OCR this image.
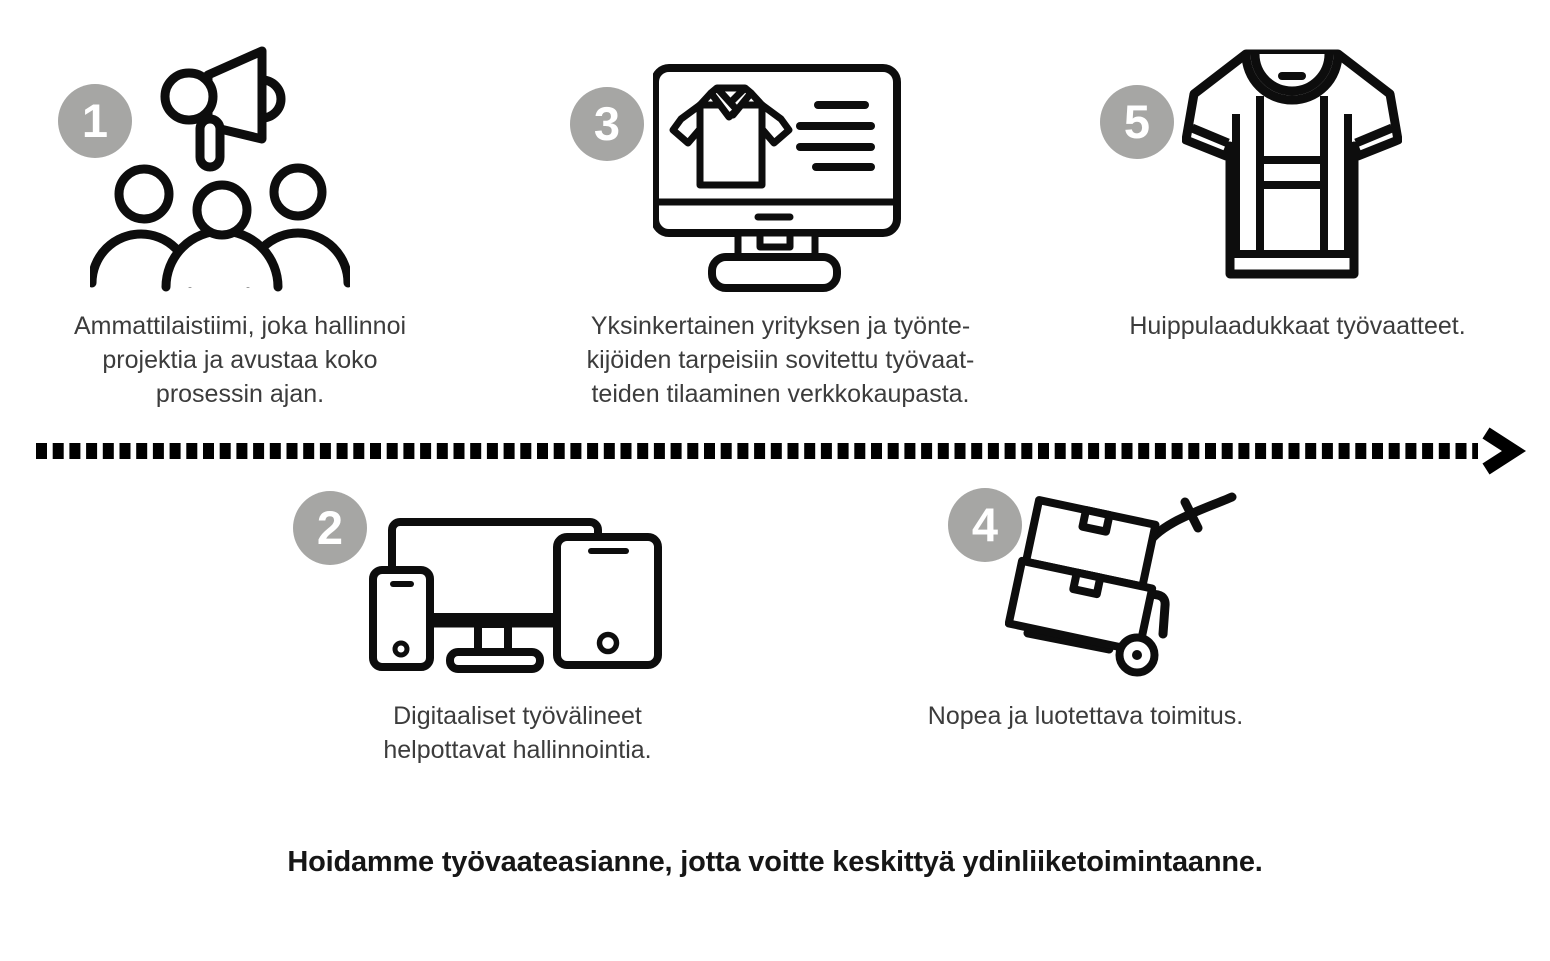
1
Ammattilaistiimi, joka hallinnoi
projektia ja avustaa koko
prosessin ajan.
3
Yksinkertainen yrityksen ja työnte-
kijöiden tarpeisiin sovitettu työvaat-
teiden tilaaminen verkkokaupasta.
5
Huippulaadukkaat työvaatteet.
2
Digitaaliset työvälineet
helpottavat hallinnointia.
4
Nopea ja luotettava toimitus.
Hoidamme työvaateasianne, jotta voitte keskittyä ydinliiketoimintaanne.
